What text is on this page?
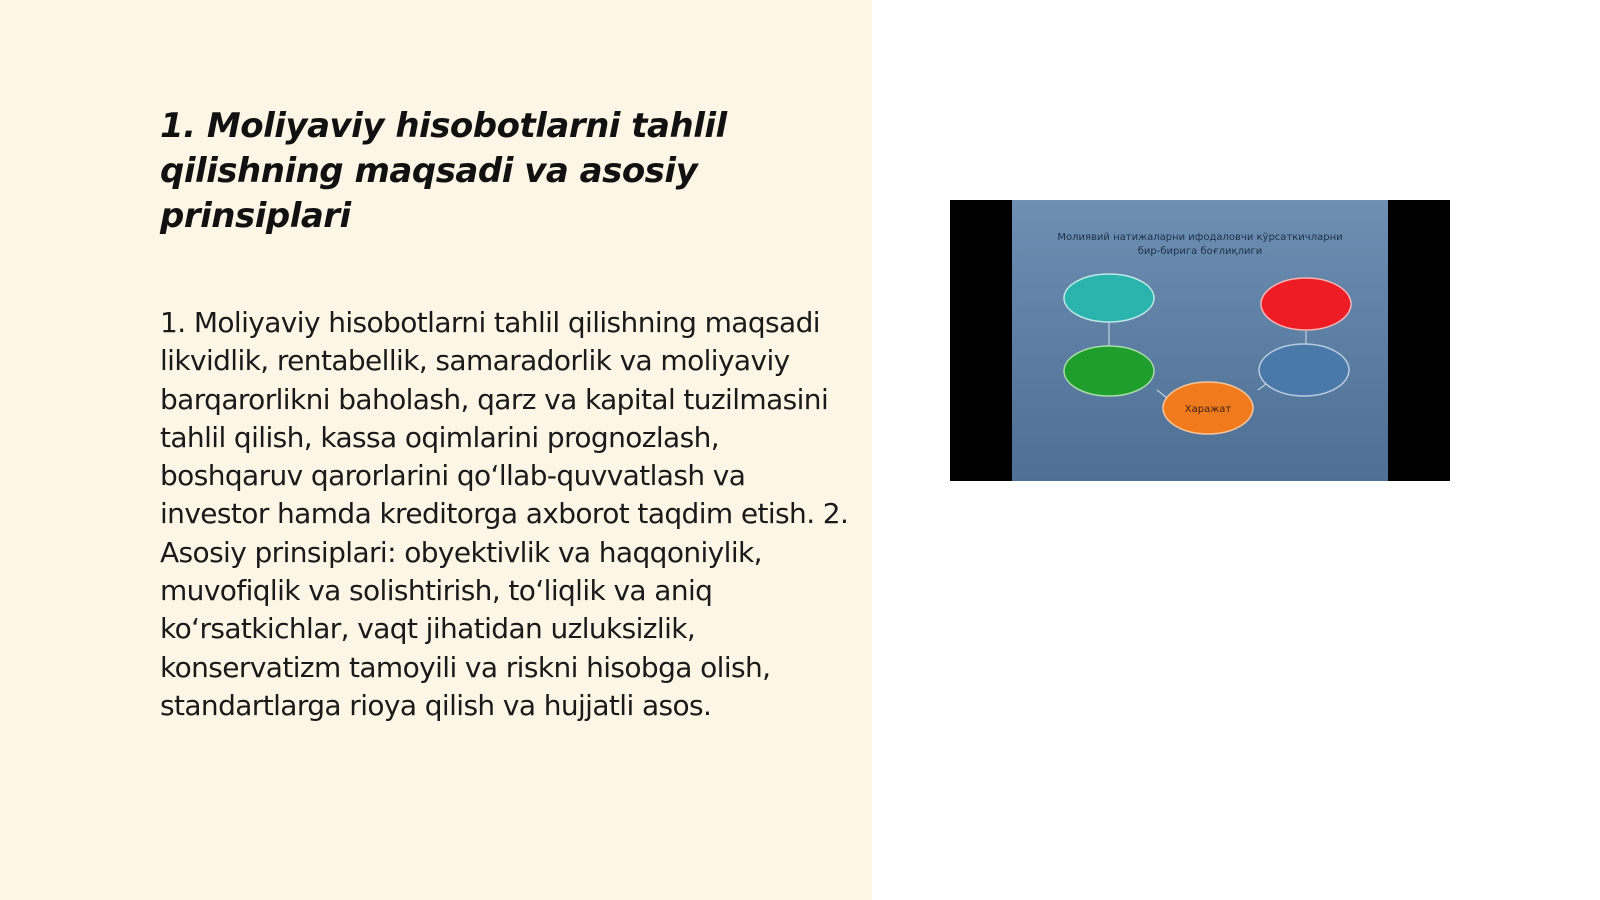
1. Moliyaviy hisobotlarni tahlil qilishning maqsadi va asosiy prinsiplari

1. Moliyaviy hisobotlarni tahlil qilishning maqsadi likvidlik, rentabellik, samaradorlik va moliyaviy barqarorlikni baholash, qarz va kapital tuzilmasini tahlil qilish, kassa oqimlarini prognozlash, boshqaruv qarorlarini qo‘llab-quvvatlash va investor hamda kreditorga axborot taqdim etish. 2. Asosiy prinsiplari: obyektivlik va haqqoniylik, muvofiqlik va solishtirish, to‘liqlik va aniq ko‘rsatkichlar, vaqt jihatidan uzluksizlik, konservatizm tamoyili va riskni hisobga olish, standartlarga rioya qilish va hujjatli asos.

Молиявий натижаларни ифодаловчи кўрсаткичларни
бир-бирига боғлиқлиги
Харажат
